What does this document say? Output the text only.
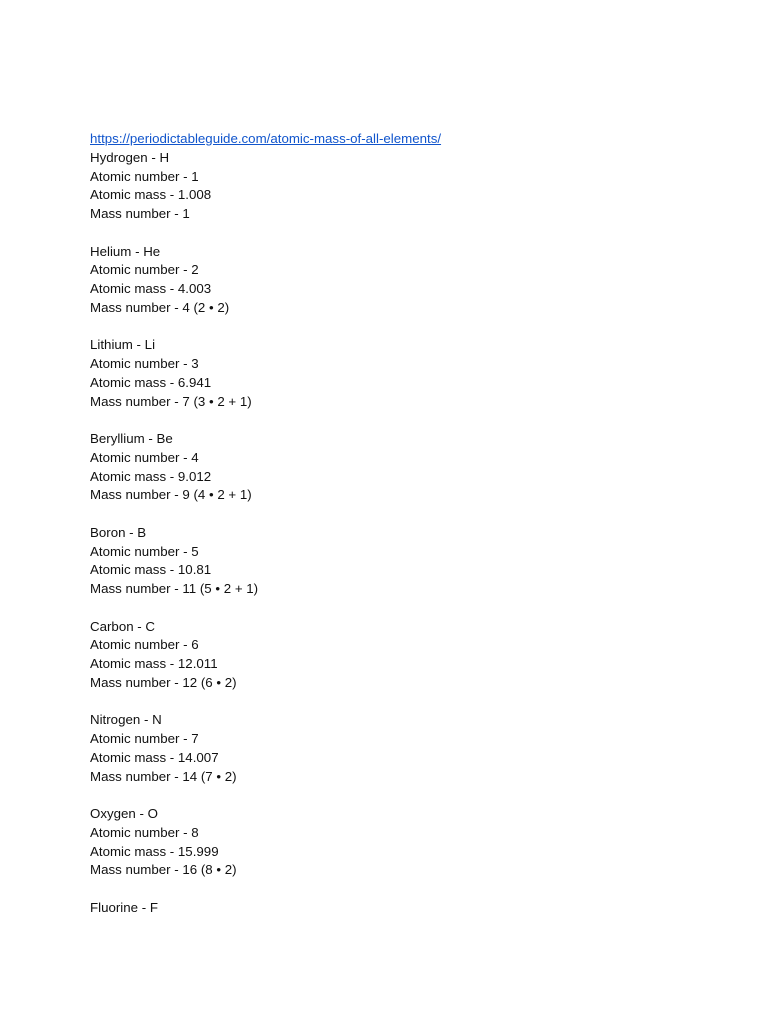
https://periodictableguide.com/atomic-mass-of-all-elements/
Hydrogen - H
Atomic number - 1
Atomic mass - 1.008
Mass number - 1
Helium - He
Atomic number - 2
Atomic mass - 4.003
Mass number - 4 (2 • 2)
Lithium - Li
Atomic number - 3
Atomic mass - 6.941
Mass number - 7 (3 • 2 + 1)
Beryllium - Be
Atomic number - 4
Atomic mass - 9.012
Mass number - 9 (4 • 2 + 1)
Boron - B
Atomic number - 5
Atomic mass - 10.81
Mass number - 11 (5 • 2 + 1)
Carbon - C
Atomic number - 6
Atomic mass - 12.011
Mass number - 12 (6 • 2)
Nitrogen - N
Atomic number - 7
Atomic mass - 14.007
Mass number - 14 (7 • 2)
Oxygen - O
Atomic number - 8
Atomic mass - 15.999
Mass number - 16 (8 • 2)
Fluorine - F
